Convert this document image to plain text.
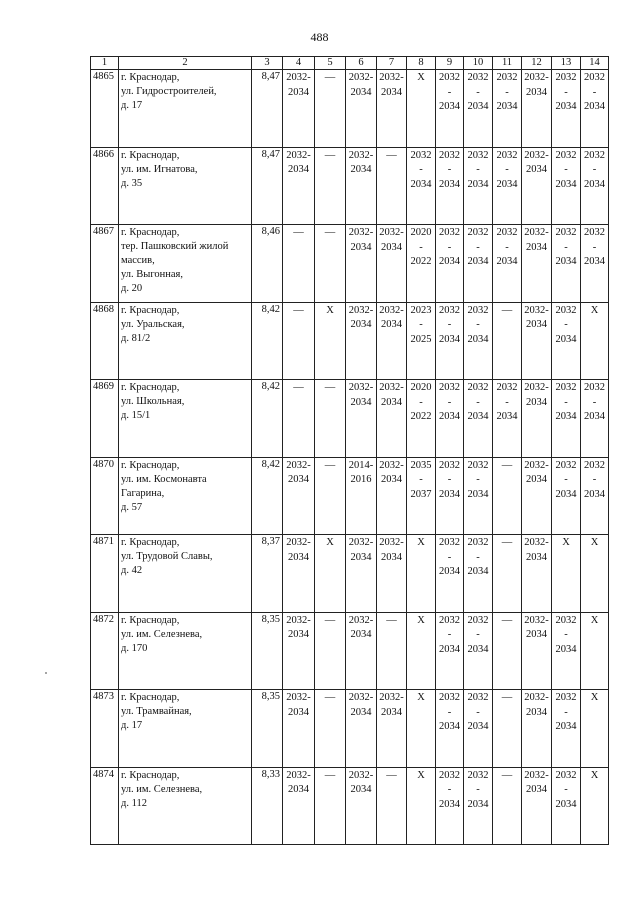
488
1	2	3	4	5	6	7	8	9	10	11	12	13	14
4865	г. Краснодар,
ул. Гидростроителей,
д. 17	8,47	2032-
2034	—	2032-
2034	2032-
2034	Х	2032-
2034	2032-
2034	2032-
2034	2032-
2034	2032-
2034	2032-
2034

4866	г. Краснодар,
ул. им. Игнатова,
д. 35	8,47	2032-
2034	—	2032-
2034	—	2032-
2034	2032-
2034	2032-
2034	2032-
2034	2032-
2034	2032-
2034	2032-
2034

4867	г. Краснодар,
тер. Пашковский жилой
массив,
ул. Выгонная,
д. 20	8,46	—	—	2032-
2034	2032-
2034	2020-
2022	2032-
2034	2032-
2034	2032-
2034	2032-
2034	2032-
2034	2032-
2034

4868	г. Краснодар,
ул. Уральская,
д. 81/2	8,42	—	Х	2032-
2034	2032-
2034	2023-
2025	2032-
2034	2032-
2034	—	2032-
2034	2032-
2034	Х

4869	г. Краснодар,
ул. Школьная,
д. 15/1	8,42	—	—	2032-
2034	2032-
2034	2020-
2022	2032-
2034	2032-
2034	2032-
2034	2032-
2034	2032-
2034	2032-
2034

4870	г. Краснодар,
ул. им. Космонавта
Гагарина,
д. 57	8,42	2032-
2034	—	2014-
2016	2032-
2034	2035-
2037	2032-
2034	2032-
2034	—	2032-
2034	2032-
2034	2032-
2034

4871	г. Краснодар,
ул. Трудовой Славы,
д. 42	8,37	2032-
2034	Х	2032-
2034	2032-
2034	Х	2032-
2034	2032-
2034	—	2032-
2034	Х	Х

4872	г. Краснодар,
ул. им. Селезнева,
д. 170	8,35	2032-
2034	—	2032-
2034	—	Х	2032-
2034	2032-
2034	—	2032-
2034	2032-
2034	Х

4873	г. Краснодар,
ул. Трамвайная,
д. 17	8,35	2032-
2034	—	2032-
2034	2032-
2034	Х	2032-
2034	2032-
2034	—	2032-
2034	2032-
2034	Х

4874	г. Краснодар,
ул. им. Селезнева,
д. 112	8,33	2032-
2034	—	2032-
2034	—	Х	2032-
2034	2032-
2034	—	2032-
2034	2032-
2034	Х
